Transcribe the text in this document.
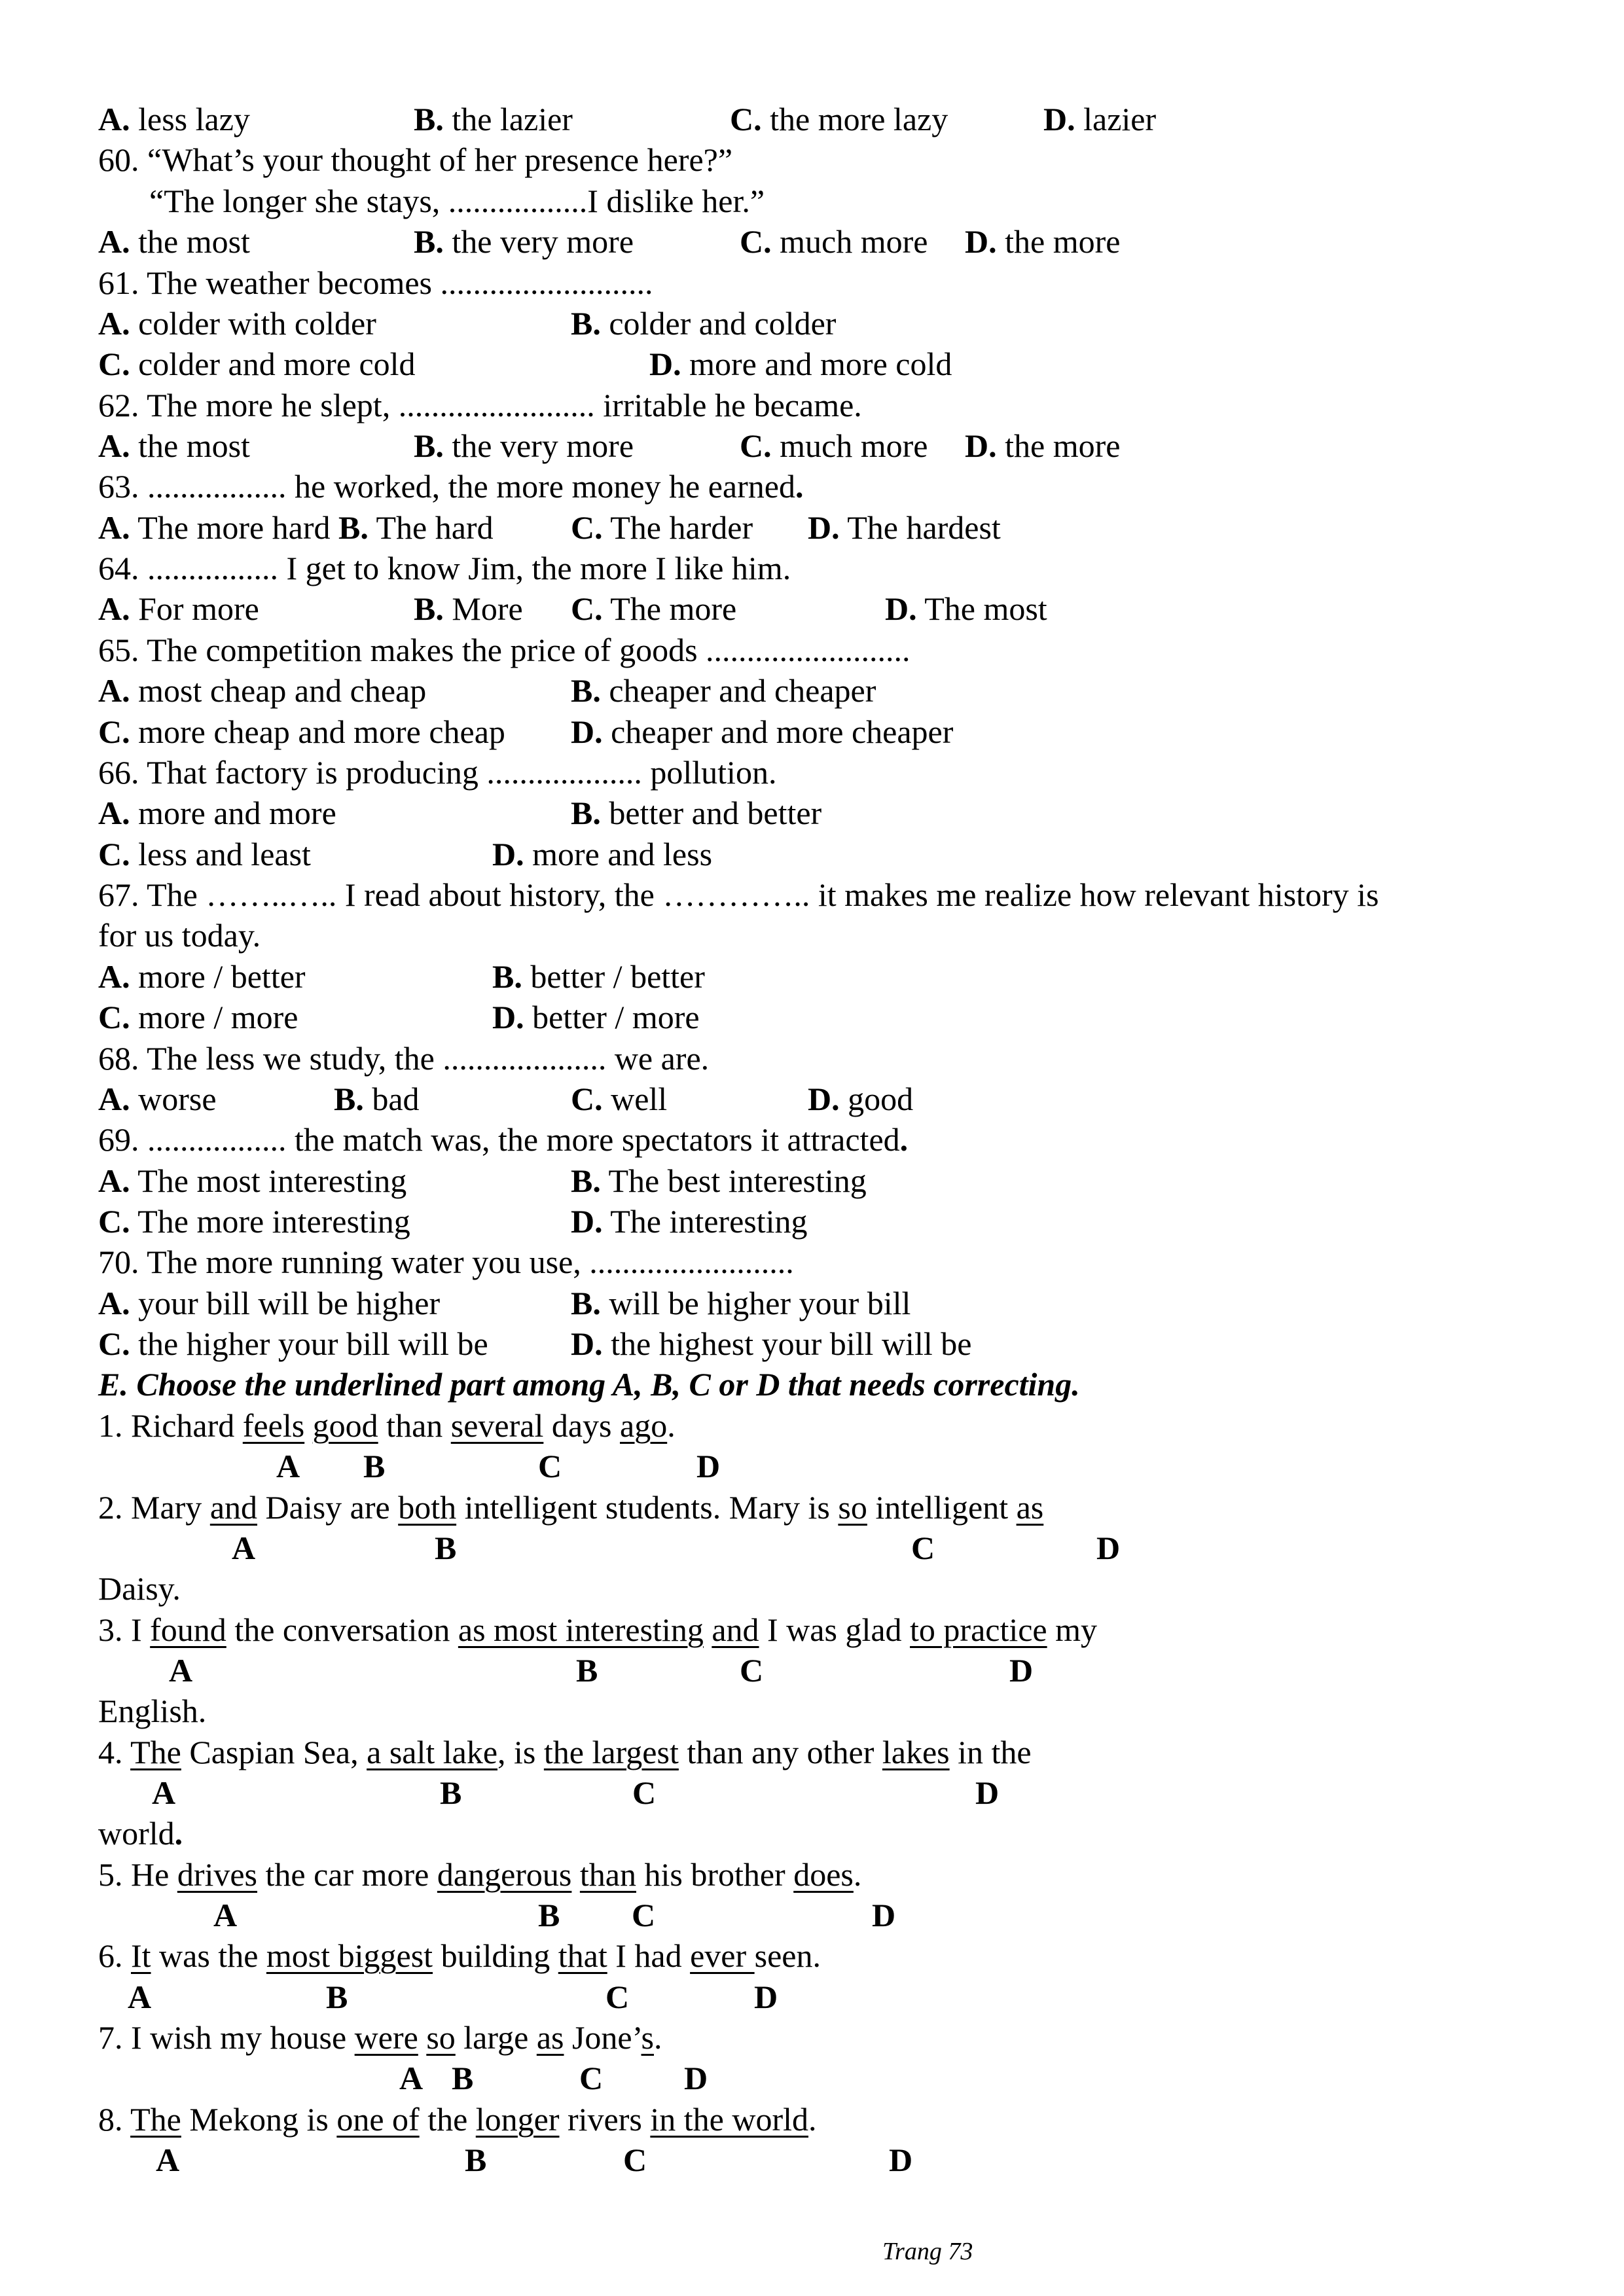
A. less lazy	B. the lazier	C. the more lazy	D. lazier
60. “What’s your thought of her presence here?”
“The longer she stays, .................I dislike her.”
A. the most	B. the very more	C. much more D. the more
61. The weather becomes ..........................
A. colder with colder	B. colder and colder
C. colder and more cold	D. more and more cold
62. The more he slept, ........................ irritable he became.
A. the most	B. the very more	C. much more D. the more
63. ................. he worked, the more money he earned.
A. The more hard B. The hard C. The harder D. The hardest
64. ................ I get to know Jim, the more I like him.
A. For more	B. More C. The more	D. The most
65. The competition makes the price of goods .........................
A. most cheap and cheap	B. cheaper and cheaper
C. more cheap and more cheap D. cheaper and more cheaper
66. That factory is producing ................... pollution.
A. more and more	B. better and better
C. less and least	D. more and less
67. The ……..….. I read about history, the ………….. it makes me realize how relevant history is
for us today.
A. more / better	B. better / better
C. more / more	D. better / more
68. The less we study, the .................... we are.
A. worse	B. bad	C. well	D. good
69. ................. the match was, the more spectators it attracted.
A. The most interesting	B. The best interesting
C. The more interesting	D. The interesting
70. The more running water you use, .........................
A. your bill will be higher	B. will be higher your bill
C. the higher your bill will be	D. the highest your bill will be
E. Choose the underlined part among A, B, C or D that needs correcting.
1. Richard feels good than several days ago.
A B	C	D
2. Mary and Daisy are both intelligent students. Mary is so intelligent as
A	B	C	D
Daisy.
3. I found the conversation as most interesting and I was glad to practice my
A	B	C	D
English.
4. The Caspian Sea, a salt lake, is the largest than any other lakes in the
A	B	C	D
world.
5. He drives the car more dangerous than his brother does.
A	B C	D
6. It was the most biggest building that I had ever seen.
A	B	C	D
7. I wish my house were so large as Jone’s.
A B	C D
8. The Mekong is one of the longer rivers in the world.
A	B	C	D
Trang 73
